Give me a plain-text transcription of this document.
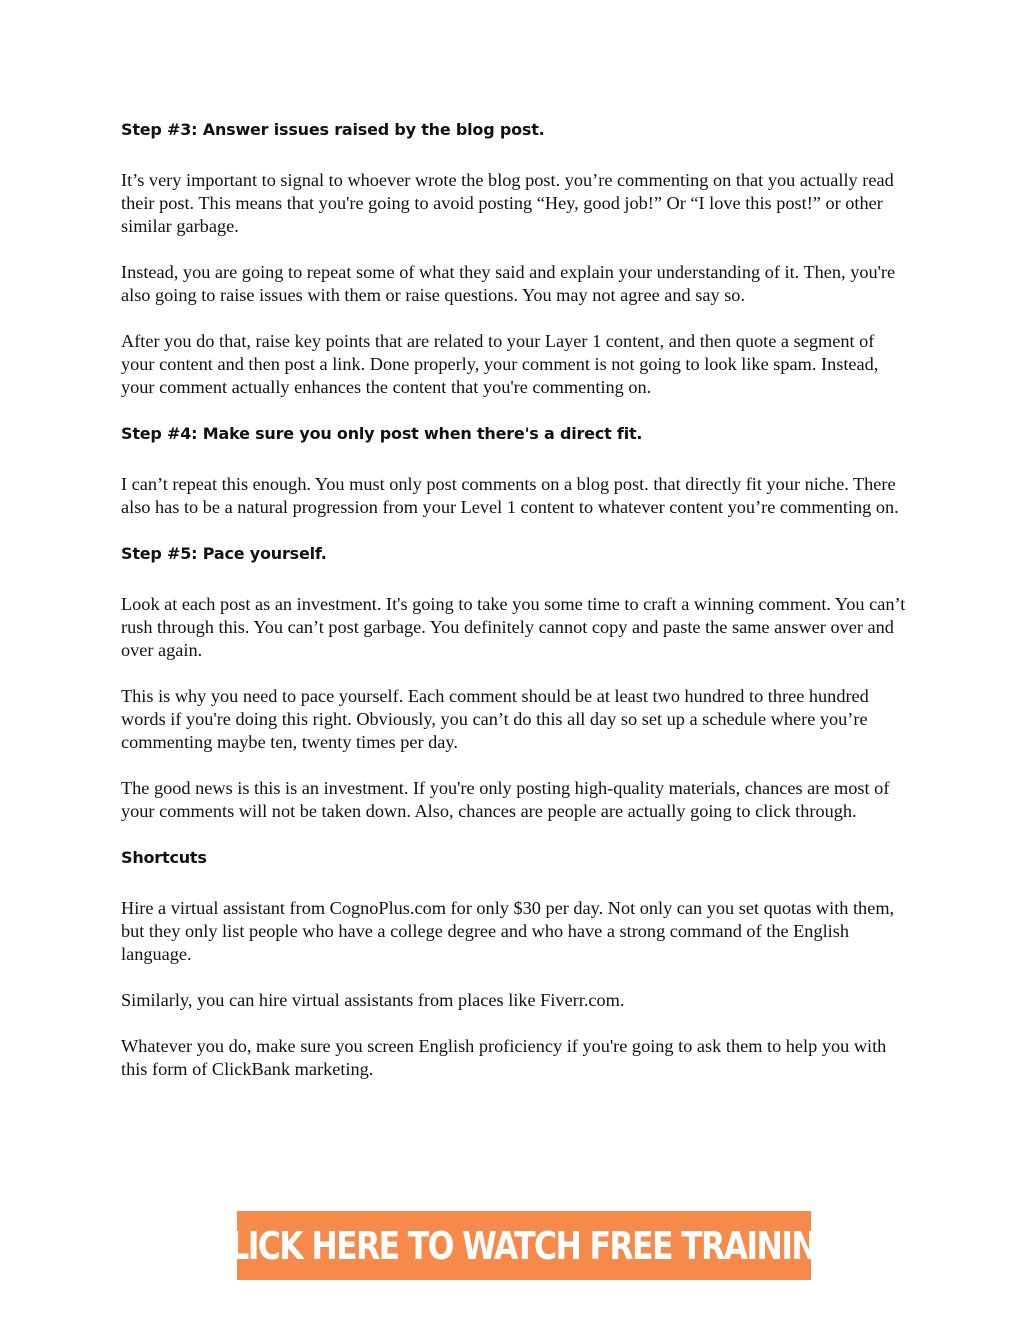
Step #3: Answer issues raised by the blog post.

It’s very important to signal to whoever wrote the blog post. you’re commenting on that you actually read their post. This means that you're going to avoid posting “Hey, good job!” Or “I love this post!” or other similar garbage.

Instead, you are going to repeat some of what they said and explain your understanding of it. Then, you're also going to raise issues with them or raise questions. You may not agree and say so.

After you do that, raise key points that are related to your Layer 1 content, and then quote a segment of your content and then post a link. Done properly, your comment is not going to look like spam. Instead, your comment actually enhances the content that you're commenting on.

Step #4: Make sure you only post when there's a direct fit.

I can’t repeat this enough. You must only post comments on a blog post. that directly fit your niche. There also has to be a natural progression from your Level 1 content to whatever content you’re commenting on.

Step #5: Pace yourself.

Look at each post as an investment. It's going to take you some time to craft a winning comment. You can’t rush through this. You can’t post garbage. You definitely cannot copy and paste the same answer over and over again.

This is why you need to pace yourself. Each comment should be at least two hundred to three hundred words if you're doing this right. Obviously, you can’t do this all day so set up a schedule where you’re commenting maybe ten, twenty times per day.

The good news is this is an investment. If you're only posting high-quality materials, chances are most of your comments will not be taken down. Also, chances are people are actually going to click through.

Shortcuts

Hire a virtual assistant from CognoPlus.com for only $30 per day. Not only can you set quotas with them, but they only list people who have a college degree and who have a strong command of the English language.

Similarly, you can hire virtual assistants from places like Fiverr.com.

Whatever you do, make sure you screen English proficiency if you're going to ask them to help you with this form of ClickBank marketing.

CLICK HERE TO WATCH FREE TRAINING
